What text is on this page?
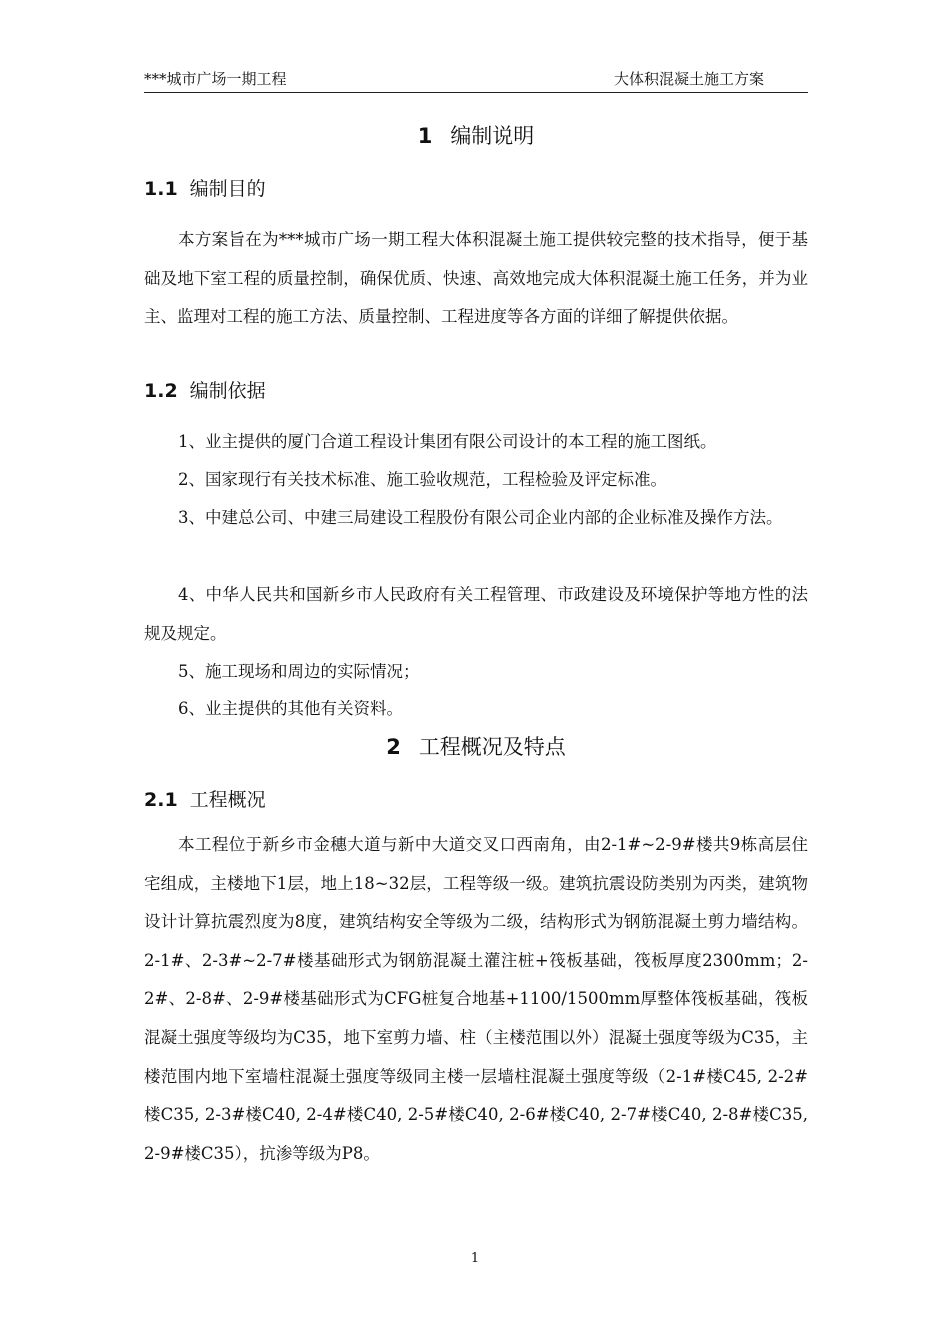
***城市广场一期工程	大体积混凝土施工方案
1 编制说明
1.1 编制目的
本方案旨在为***城市广场一期工程大体积混凝土施工提供较完整的技术指导，便于基础及地下室工程的质量控制，确保优质、快速、高效地完成大体积混凝土施工任务，并为业主、监理对工程的施工方法、质量控制、工程进度等各方面的详细了解提供依据。
1.2 编制依据
1、业主提供的厦门合道工程设计集团有限公司设计的本工程的施工图纸。
2、国家现行有关技术标准、施工验收规范，工程检验及评定标准。
3、中建总公司、中建三局建设工程股份有限公司企业内部的企业标准及操作方法。
4、中华人民共和国新乡市人民政府有关工程管理、市政建设及环境保护等地方性的法规及规定。
5、施工现场和周边的实际情况；
6、业主提供的其他有关资料。
2 工程概况及特点
2.1 工程概况
本工程位于新乡市金穗大道与新中大道交叉口西南角，由2-1#~2-9#楼共9栋高层住宅组成，主楼地下1层，地上18~32层，工程等级一级。建筑抗震设防类别为丙类，建筑物设计计算抗震烈度为8度，建筑结构安全等级为二级，结构形式为钢筋混凝土剪力墙结构。2-1#、2-3#~2-7#楼基础形式为钢筋混凝土灌注桩+筏板基础，筏板厚度2300mm；2-2#、2-8#、2-9#楼基础形式为CFG桩复合地基+1100/1500mm厚整体筏板基础，筏板混凝土强度等级均为C35，地下室剪力墙、柱（主楼范围以外）混凝土强度等级为C35，主楼范围内地下室墙柱混凝土强度等级同主楼一层墙柱混凝土强度等级（2-1#楼C45, 2-2#楼C35, 2-3#楼C40, 2-4#楼C40, 2-5#楼C40, 2-6#楼C40, 2-7#楼C40, 2-8#楼C35, 2-9#楼C35），抗渗等级为P8。
1
